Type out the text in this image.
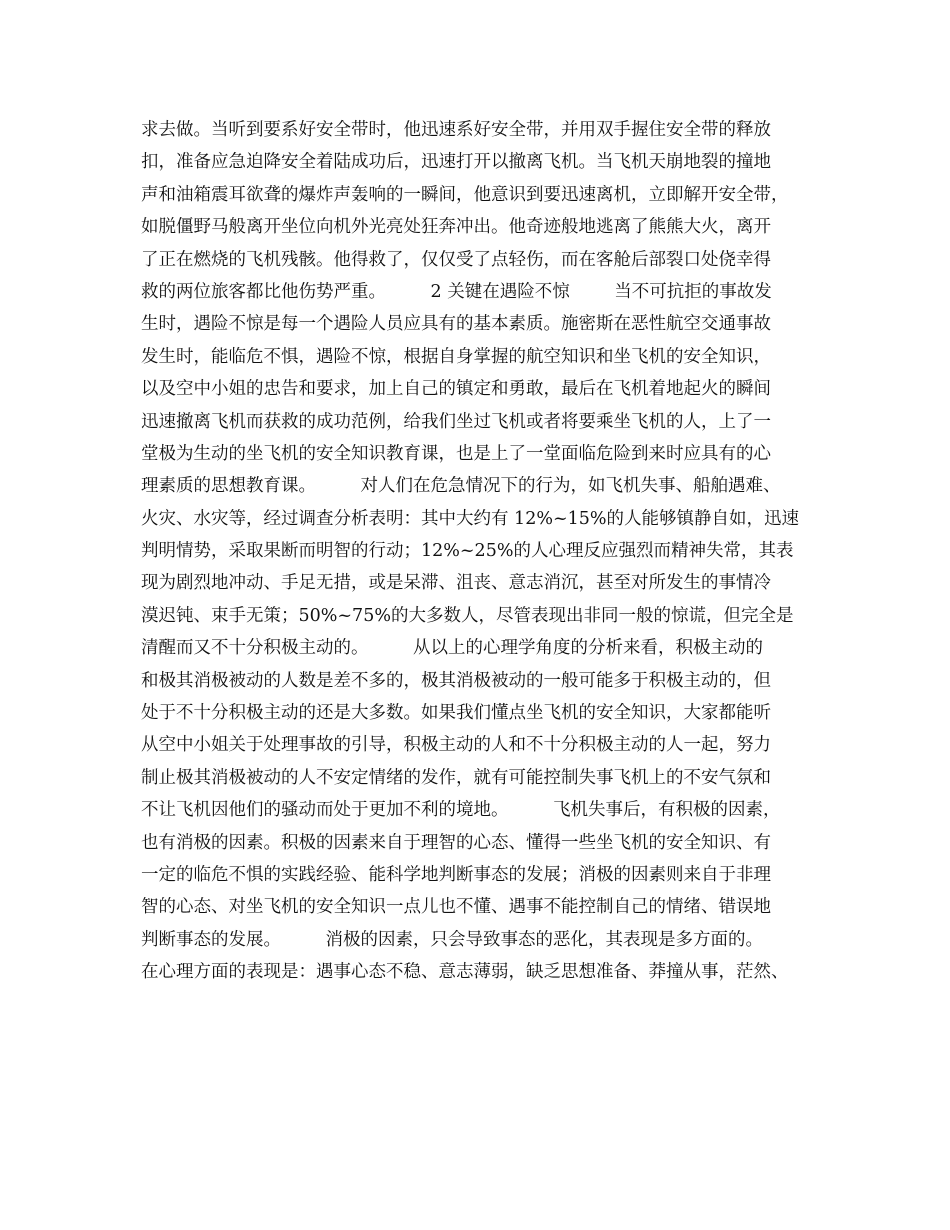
求去做。当听到要系好安全带时，他迅速系好安全带，并用双手握住安全带的释放
扣，准备应急迫降安全着陆成功后，迅速打开以撤离飞机。当飞机天崩地裂的撞地
声和油箱震耳欲聋的爆炸声轰响的一瞬间，他意识到要迅速离机，立即解开安全带，
如脱僵野马般离开坐位向机外光亮处狂奔冲出。他奇迹般地逃离了熊熊大火，离开
了正在燃烧的飞机残骸。他得救了，仅仅受了点轻伤，而在客舱后部裂口处侥幸得
救的两位旅客都比他伤势严重。        2 关键在遇险不惊        当不可抗拒的事故发
生时，遇险不惊是每一个遇险人员应具有的基本素质。施密斯在恶性航空交通事故
发生时，能临危不惧，遇险不惊，根据自身掌握的航空知识和坐飞机的安全知识，
以及空中小姐的忠告和要求，加上自己的镇定和勇敢，最后在飞机着地起火的瞬间
迅速撤离飞机而获救的成功范例，给我们坐过飞机或者将要乘坐飞机的人，上了一
堂极为生动的坐飞机的安全知识教育课，也是上了一堂面临危险到来时应具有的心
理素质的思想教育课。        对人们在危急情况下的行为，如飞机失事、船舶遇难、
火灾、水灾等，经过调查分析表明：其中大约有 12%~15%的人能够镇静自如，迅速
判明情势，采取果断而明智的行动；12%~25%的人心理反应强烈而精神失常，其表
现为剧烈地冲动、手足无措，或是呆滞、沮丧、意志消沉，甚至对所发生的事情冷
漠迟钝、束手无策；50%~75%的大多数人，尽管表现出非同一般的惊谎，但完全是
清醒而又不十分积极主动的。        从以上的心理学角度的分析来看，积极主动的
和极其消极被动的人数是差不多的，极其消极被动的一般可能多于积极主动的，但
处于不十分积极主动的还是大多数。如果我们懂点坐飞机的安全知识，大家都能听
从空中小姐关于处理事故的引导，积极主动的人和不十分积极主动的人一起，努力
制止极其消极被动的人不安定情绪的发作，就有可能控制失事飞机上的不安气氛和
不让飞机因他们的骚动而处于更加不利的境地。        飞机失事后，有积极的因素，
也有消极的因素。积极的因素来自于理智的心态、懂得一些坐飞机的安全知识、有
一定的临危不惧的实践经验、能科学地判断事态的发展；消极的因素则来自于非理
智的心态、对坐飞机的安全知识一点儿也不懂、遇事不能控制自己的情绪、错误地
判断事态的发展。        消极的因素，只会导致事态的恶化，其表现是多方面的。
在心理方面的表现是：遇事心态不稳、意志薄弱，缺乏思想准备、莽撞从事，茫然、
